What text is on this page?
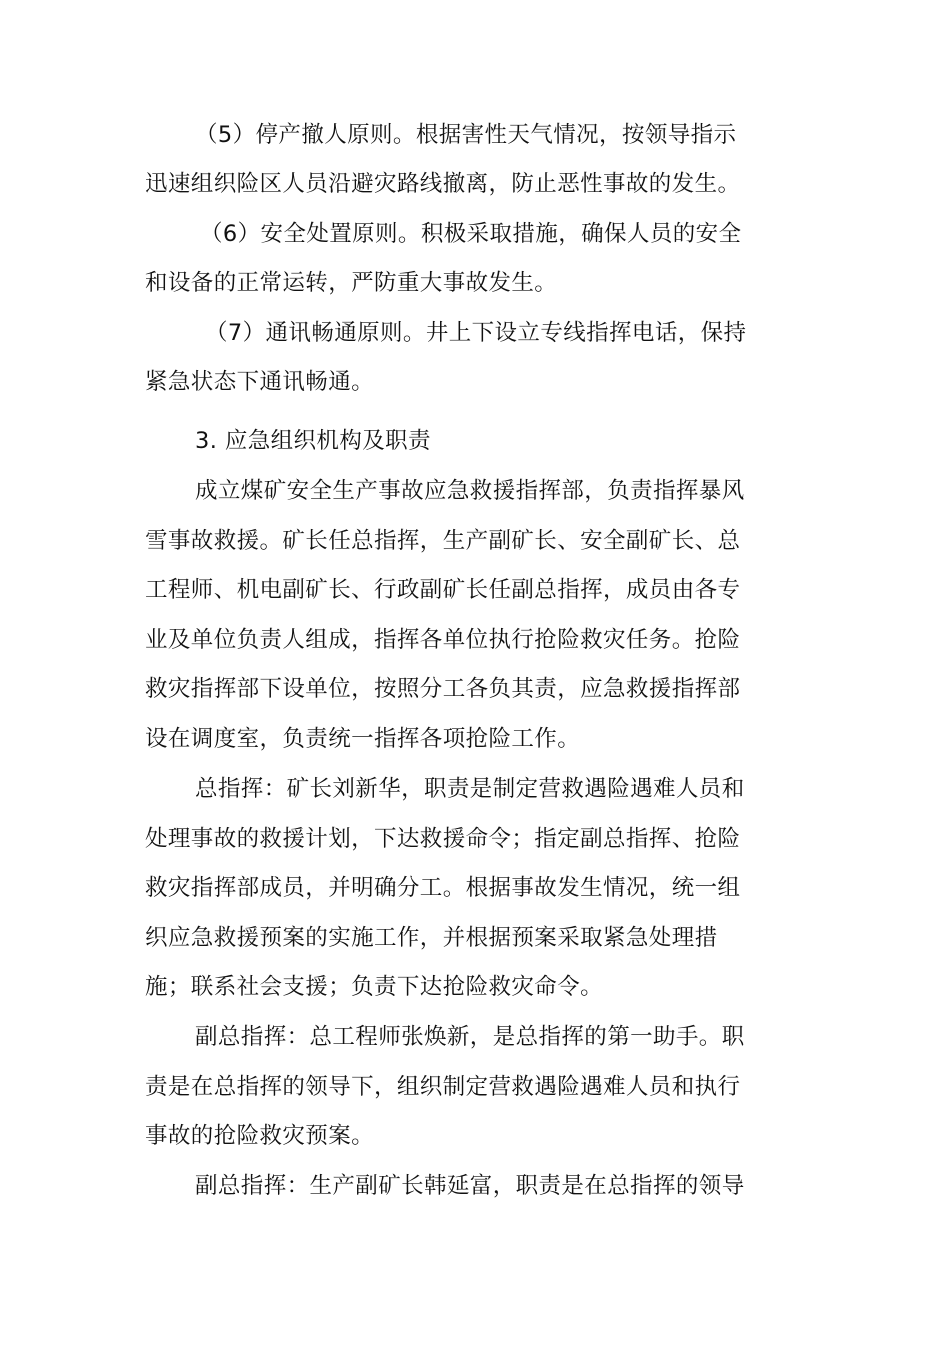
（5）停产撤人原则。根据害性天气情况，按领导指示
迅速组织险区人员沿避灾路线撤离，防止恶性事故的发生。
（6）安全处置原则。积极采取措施，确保人员的安全
和设备的正常运转，严防重大事故发生。
（7）通讯畅通原则。井上下设立专线指挥电话，保持
紧急状态下通讯畅通。
3. 应急组织机构及职责
成立煤矿安全生产事故应急救援指挥部，负责指挥暴风
雪事故救援。矿长任总指挥，生产副矿长、安全副矿长、总
工程师、机电副矿长、行政副矿长任副总指挥，成员由各专
业及单位负责人组成，指挥各单位执行抢险救灾任务。抢险
救灾指挥部下设单位，按照分工各负其责，应急救援指挥部
设在调度室，负责统一指挥各项抢险工作。
总指挥：矿长刘新华，职责是制定营救遇险遇难人员和
处理事故的救援计划，下达救援命令；指定副总指挥、抢险
救灾指挥部成员，并明确分工。根据事故发生情况，统一组
织应急救援预案的实施工作，并根据预案采取紧急处理措
施；联系社会支援；负责下达抢险救灾命令。
副总指挥：总工程师张焕新，是总指挥的第一助手。职
责是在总指挥的领导下，组织制定营救遇险遇难人员和执行
事故的抢险救灾预案。
副总指挥：生产副矿长韩延富，职责是在总指挥的领导
